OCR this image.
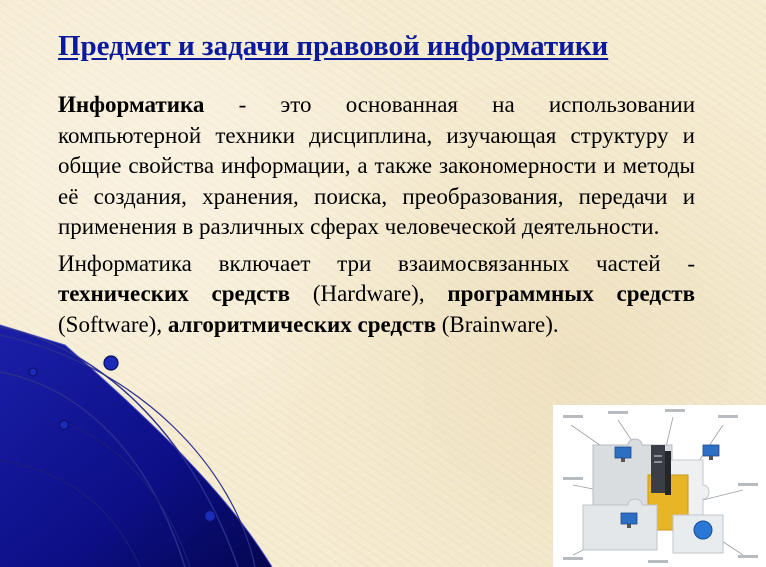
Предмет и задачи правовой информатики

Информатика - это основанная на использовании компьютерной техники дисциплина, изучающая структуру и общие свойства информации, а также закономерности и методы её создания, хранения, поиска, преобразования, передачи и применения в различных сферах человеческой деятельности.

Информатика включает три взаимосвязанных частей - технических средств (Hardware), программных средств (Software), алгоритмических средств (Brainware).
